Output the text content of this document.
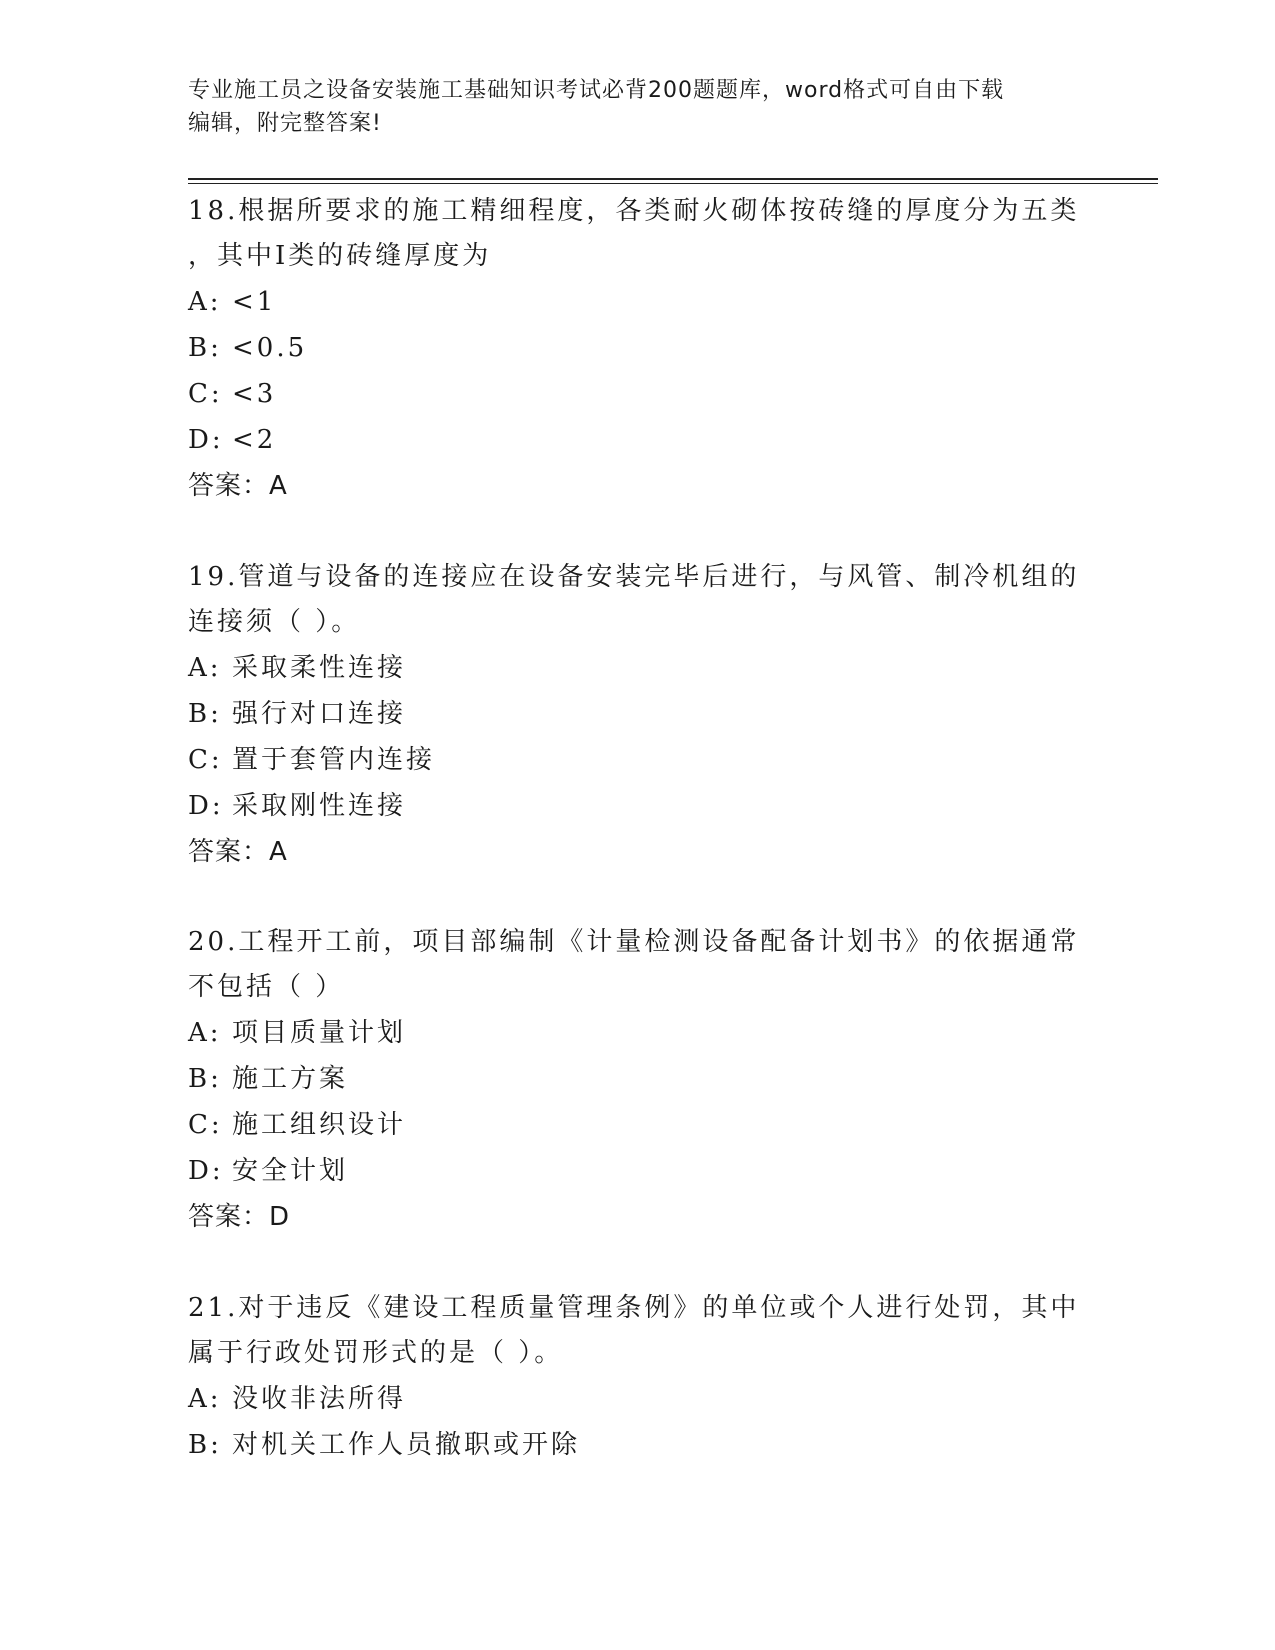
专业施工员之设备安装施工基础知识考试必背200题题库，word格式可自由下载
编辑，附完整答案!
18.根据所要求的施工精细程度，各类耐火砌体按砖缝的厚度分为五类
，其中Ⅰ类的砖缝厚度为
A: <1
B: <0.5
C: <3
D: <2
答案：A
19.管道与设备的连接应在设备安装完毕后进行，与风管、制冷机组的
连接须（ ）。
A: 采取柔性连接
B: 强行对口连接
C: 置于套管内连接
D: 采取刚性连接
答案：A
20.工程开工前，项目部编制《计量检测设备配备计划书》的依据通常
不包括（ ）
A: 项目质量计划
B: 施工方案
C: 施工组织设计
D: 安全计划
答案：D
21.对于违反《建设工程质量管理条例》的单位或个人进行处罚，其中
属于行政处罚形式的是（ ）。
A: 没收非法所得
B: 对机关工作人员撤职或开除
